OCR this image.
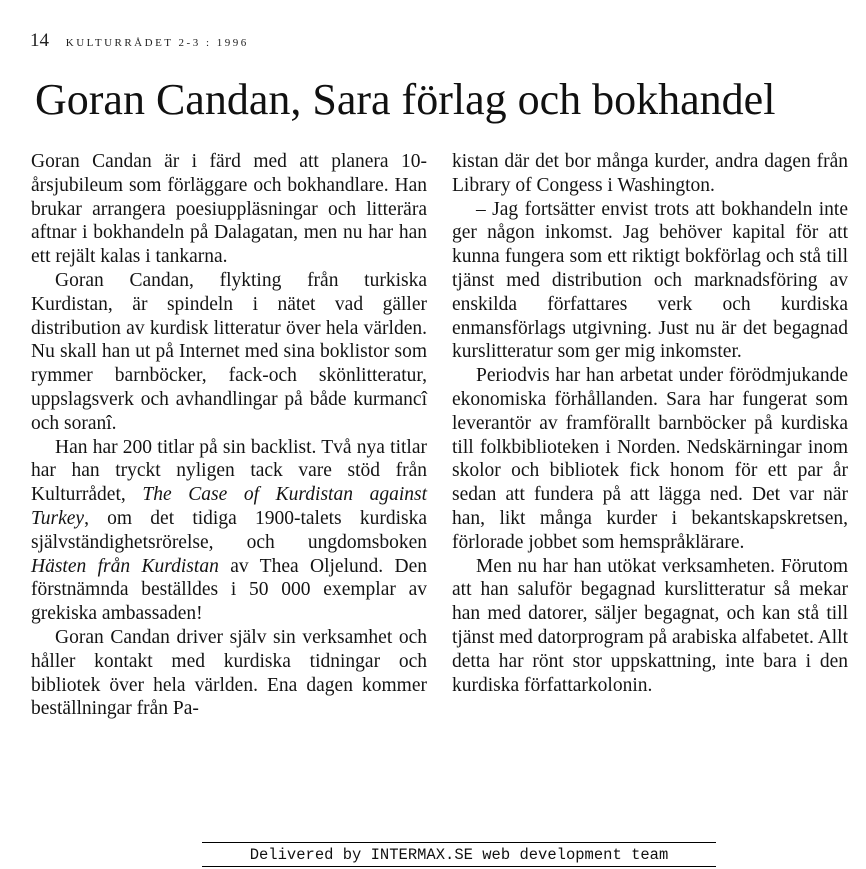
14 KULTURRÅDET 2-3 : 1996
Goran Candan, Sara förlag och bokhandel

Goran Candan är i färd med att planera 10-årsjubileum som förläggare och bokhandlare. Han brukar arrangera poesiuppläsningar och litterära aftnar i bokhandeln på Dalagatan, men nu har han ett rejält kalas i tankarna.

Goran Candan, flykting från turkiska Kurdistan, är spindeln i nätet vad gäller distribution av kurdisk litteratur över hela världen. Nu skall han ut på Internet med sina boklistor som rymmer barnböcker, fack-och skönlitteratur, uppslagsverk och avhandlingar på både kurmancî och soranî.

Han har 200 titlar på sin backlist. Två nya titlar har han tryckt nyligen tack vare stöd från Kulturrådet, The Case of Kurdistan against Turkey, om det tidiga 1900-talets kurdiska självständighetsrörelse, och ungdomsboken Hästen från Kurdistan av Thea Oljelund. Den förstnämnda beställdes i 50 000 exemplar av grekiska ambassaden!

Goran Candan driver själv sin verksamhet och håller kontakt med kurdiska tidningar och bibliotek över hela världen. Ena dagen kommer beställningar från Pa-

kistan där det bor många kurder, andra dagen från Library of Congess i Washington.

– Jag fortsätter envist trots att bokhandeln inte ger någon inkomst. Jag behöver kapital för att kunna fungera som ett riktigt bokförlag och stå till tjänst med distribution och marknadsföring av enskilda författares verk och kurdiska enmansförlags utgivning. Just nu är det begagnad kurslitteratur som ger mig inkomster.

Periodvis har han arbetat under förödmjukande ekonomiska förhållanden. Sara har fungerat som leverantör av framförallt barnböcker på kurdiska till folkbiblioteken i Norden. Nedskärningar inom skolor och bibliotek fick honom för ett par år sedan att fundera på att lägga ned. Det var när han, likt många kurder i bekantskapskretsen, förlorade jobbet som hemspråklärare.

Men nu har han utökat verksamheten. Förutom att han saluför begagnad kurslitteratur så mekar han med datorer, säljer begagnat, och kan stå till tjänst med datorprogram på arabiska alfabetet. Allt detta har rönt stor uppskattning, inte bara i den kurdiska författarkolonin.

Delivered by INTERMAX.SE web development team
